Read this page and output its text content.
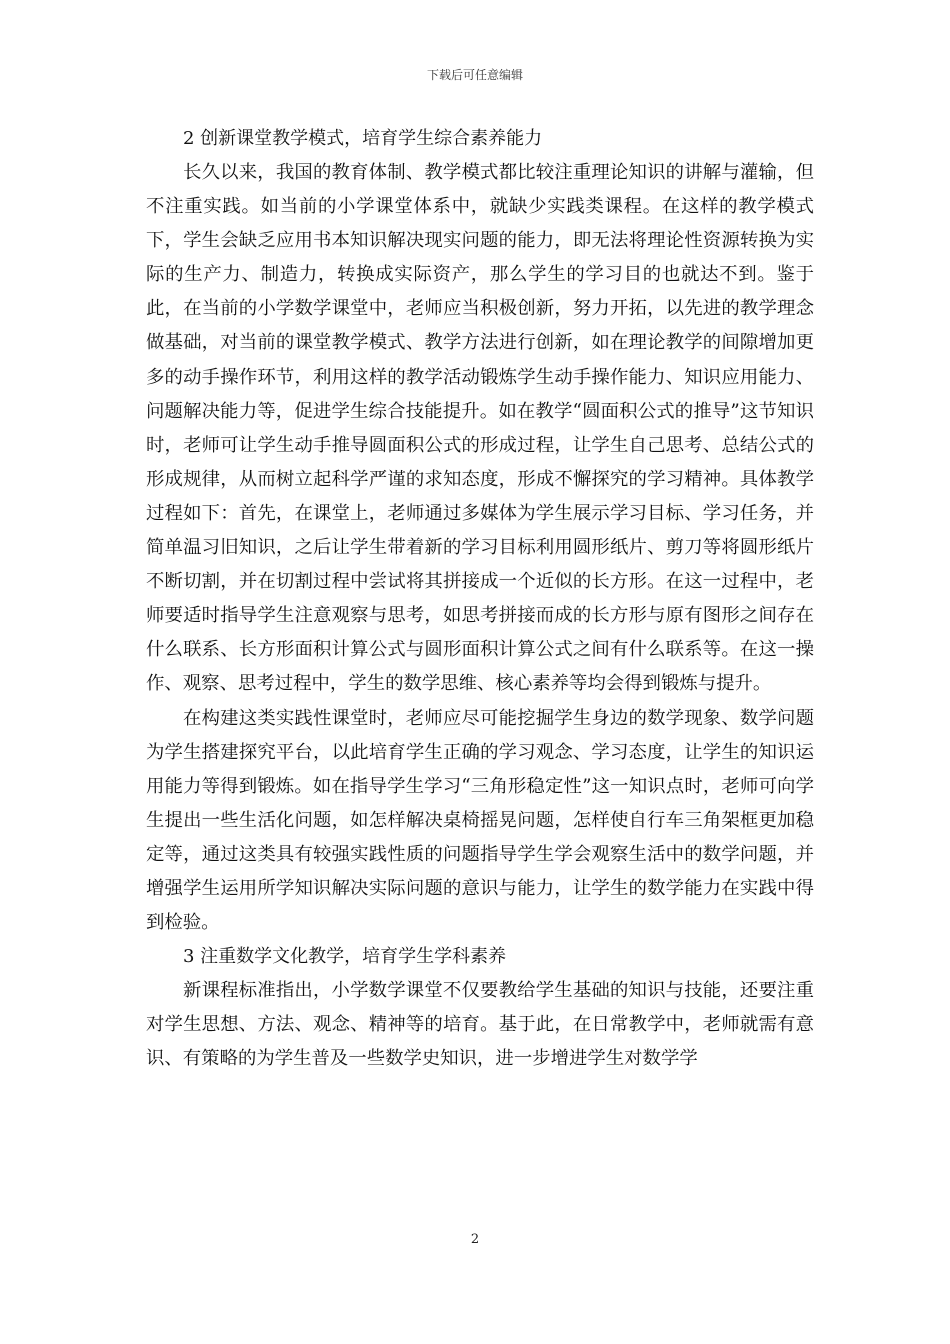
下载后可任意编辑
2 创新课堂教学模式，培育学生综合素养能力

长久以来，我国的教育体制、教学模式都比较注重理论知识的讲解与灌输，但不注重实践。如当前的小学课堂体系中，就缺少实践类课程。在这样的教学模式下，学生会缺乏应用书本知识解决现实问题的能力，即无法将理论性资源转换为实际的生产力、制造力，转换成实际资产，那么学生的学习目的也就达不到。鉴于此，在当前的小学数学课堂中，老师应当积极创新，努力开拓，以先进的教学理念做基础，对当前的课堂教学模式、教学方法进行创新，如在理论教学的间隙增加更多的动手操作环节，利用这样的教学活动锻炼学生动手操作能力、知识应用能力、问题解决能力等，促进学生综合技能提升。如在教学“圆面积公式的推导”这节知识时，老师可让学生动手推导圆面积公式的形成过程，让学生自己思考、总结公式的形成规律，从而树立起科学严谨的求知态度，形成不懈探究的学习精神。具体教学过程如下：首先，在课堂上，老师通过多媒体为学生展示学习目标、学习任务，并简单温习旧知识，之后让学生带着新的学习目标利用圆形纸片、剪刀等将圆形纸片不断切割，并在切割过程中尝试将其拼接成一个近似的长方形。在这一过程中，老师要适时指导学生注意观察与思考，如思考拼接而成的长方形与原有图形之间存在什么联系、长方形面积计算公式与圆形面积计算公式之间有什么联系等。在这一操作、观察、思考过程中，学生的数学思维、核心素养等均会得到锻炼与提升。

在构建这类实践性课堂时，老师应尽可能挖掘学生身边的数学现象、数学问题为学生搭建探究平台，以此培育学生正确的学习观念、学习态度，让学生的知识运用能力等得到锻炼。如在指导学生学习“三角形稳定性”这一知识点时，老师可向学生提出一些生活化问题，如怎样解决桌椅摇晃问题，怎样使自行车三角架框更加稳定等，通过这类具有较强实践性质的问题指导学生学会观察生活中的数学问题，并增强学生运用所学知识解决实际问题的意识与能力，让学生的数学能力在实践中得到检验。

3 注重数学文化教学，培育学生学科素养

新课程标准指出，小学数学课堂不仅要教给学生基础的知识与技能，还要注重对学生思想、方法、观念、精神等的培育。基于此，在日常教学中，老师就需有意识、有策略的为学生普及一些数学史知识，进一步增进学生对数学学

2
